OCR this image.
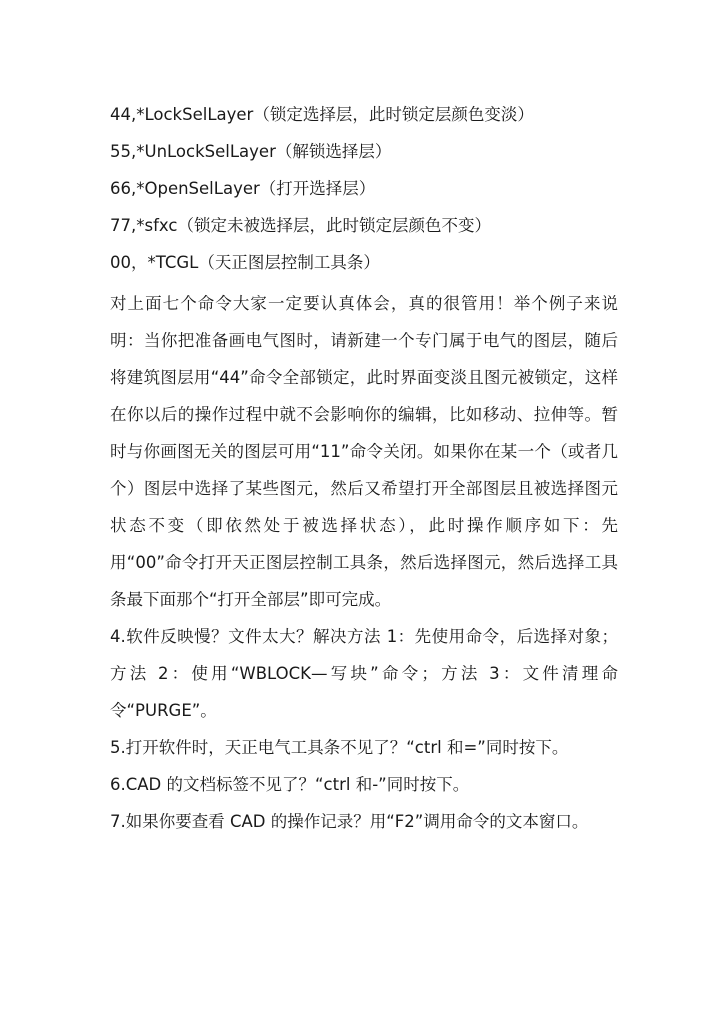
44,*LockSelLayer（锁定选择层，此时锁定层颜色变淡）
55,*UnLockSelLayer（解锁选择层）
66,*OpenSelLayer（打开选择层）
77,*sfxc（锁定未被选择层，此时锁定层颜色不变）
00，*TCGL（天正图层控制工具条）

对上面七个命令大家一定要认真体会，真的很管用！举个例子来说明：当你把准备画电气图时，请新建一个专门属于电气的图层，随后将建筑图层用“44”命令全部锁定，此时界面变淡且图元被锁定，这样在你以后的操作过程中就不会影响你的编辑，比如移动、拉伸等。暂时与你画图无关的图层可用“11”命令关闭。如果你在某一个（或者几个）图层中选择了某些图元，然后又希望打开全部图层且被选择图元状态不变（即依然处于被选择状态），此时操作顺序如下：先用“00”命令打开天正图层控制工具条，然后选择图元，然后选择工具条最下面那个“打开全部层”即可完成。

4.软件反映慢？文件太大？解决方法 1：先使用命令，后选择对象；方法 2：使用“WBLOCK—写块”命令；方法 3：文件清理命令“PURGE”。

5.打开软件时，天正电气工具条不见了？“ctrl 和=”同时按下。

6.CAD 的文档标签不见了？“ctrl 和-”同时按下。

7.如果你要查看 CAD 的操作记录？用“F2”调用命令的文本窗口。
